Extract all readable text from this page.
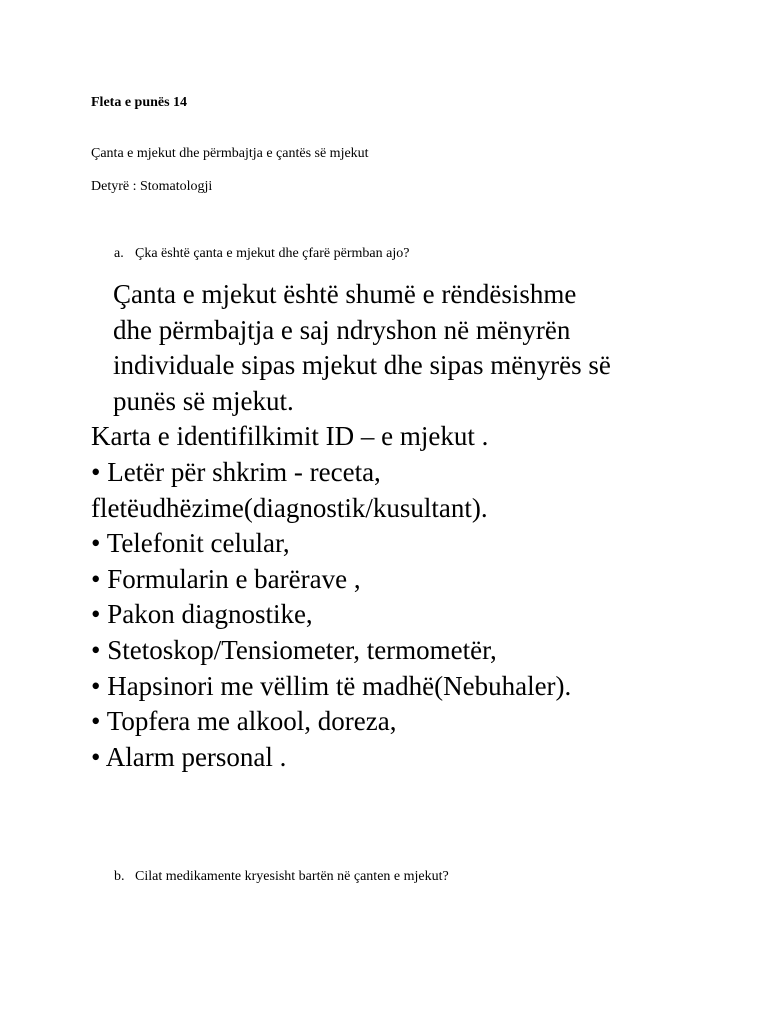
Fleta e punës 14
Çanta e mjekut dhe përmbajtja e çantës së mjekut
Detyrë : Stomatologji
a. Çka është çanta e mjekut dhe çfarë përmban ajo?
Çanta e mjekut është shumë e rëndësishme
dhe përmbajtja e saj ndryshon në mënyrën
individuale sipas mjekut dhe sipas mënyrës së
punës së mjekut.
Karta e identifilkimit ID – e mjekut .
• Letër për shkrim - receta,
fletëudhëzime(diagnostik/kusultant).
• Telefonit celular,
• Formularin e barërave ,
• Pakon diagnostike,
• Stetoskop/Tensiometer, termometër,
• Hapsinori me vëllim të madhë(Nebuhaler).
• Topfera me alkool, doreza,
• Alarm personal .
b. Cilat medikamente kryesisht bartën në çanten e mjekut?
